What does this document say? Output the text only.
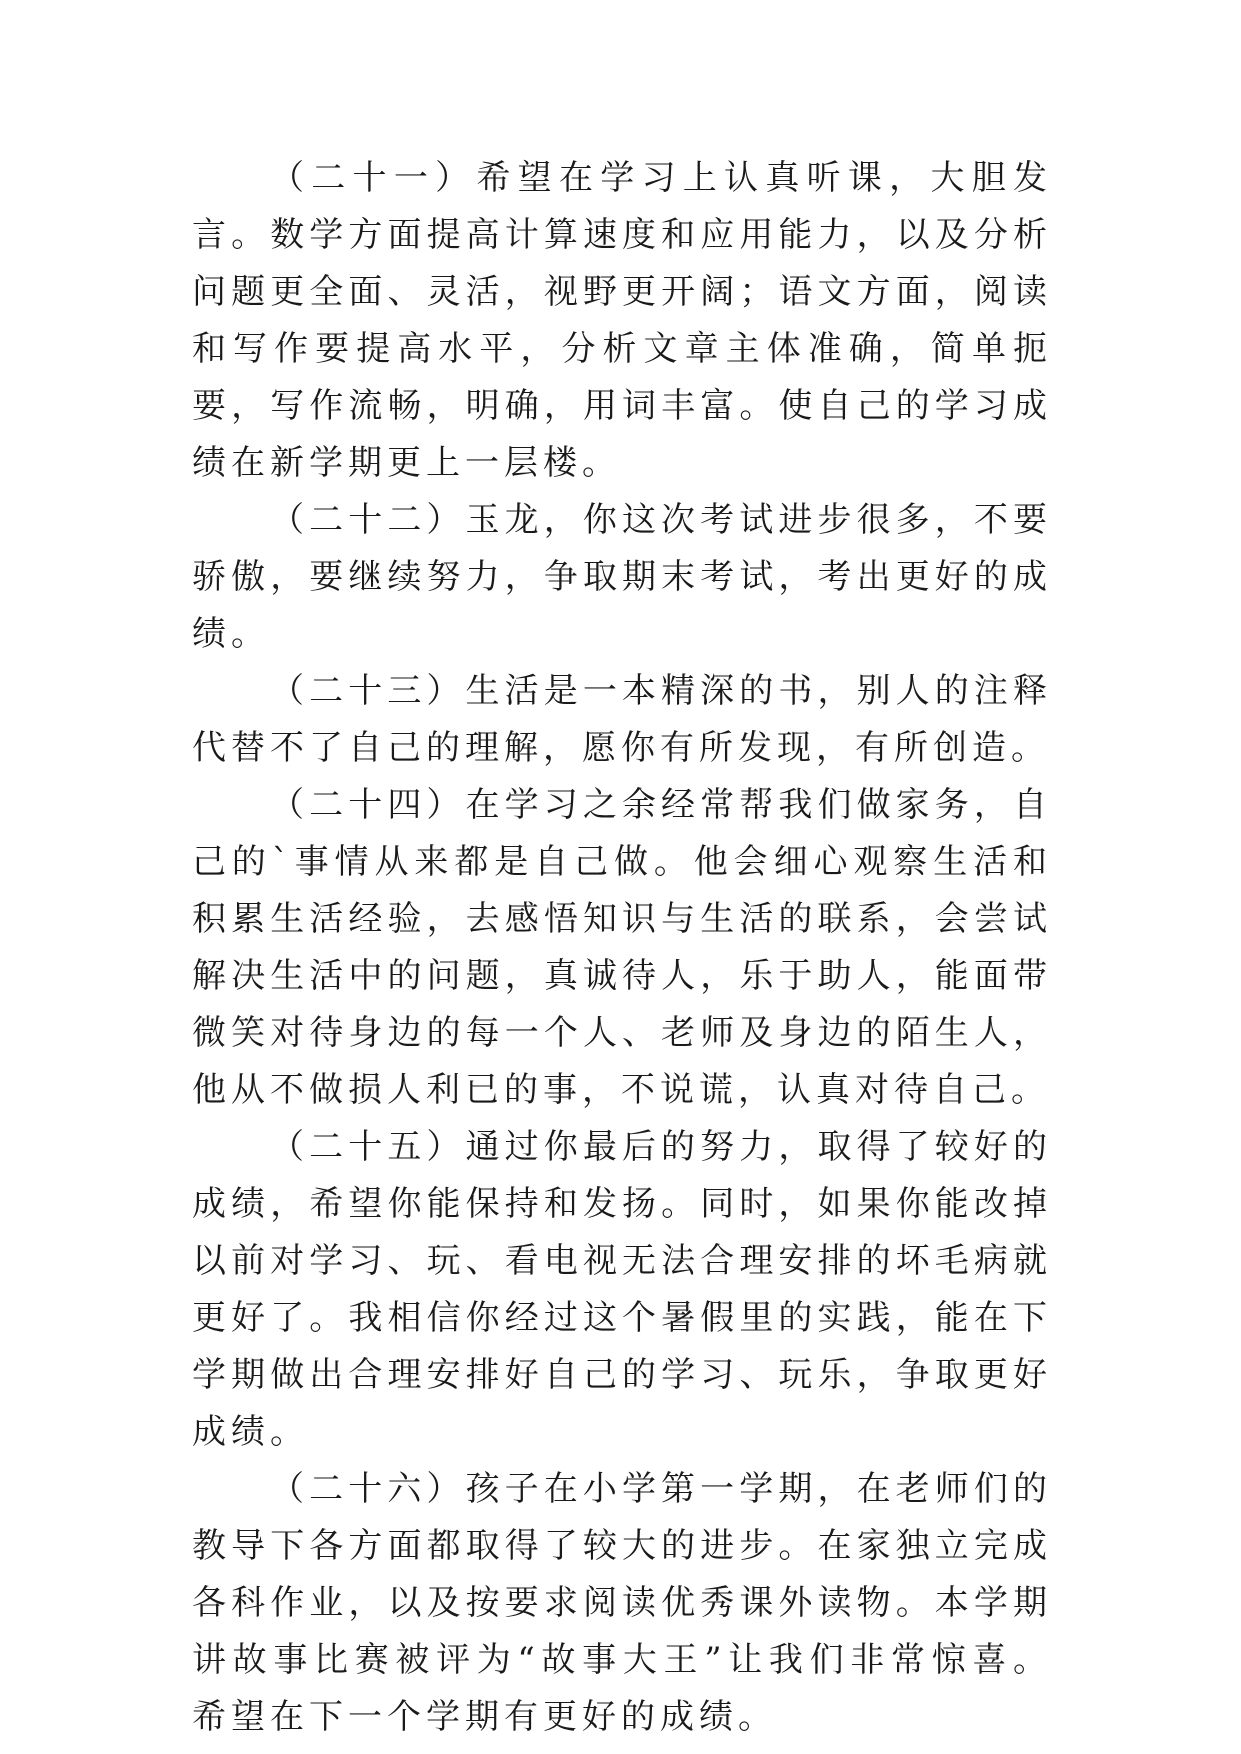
（二十一）希望在学习上认真听课，大胆发言。数学方面提高计算速度和应用能力，以及分析问题更全面、灵活，视野更开阔；语文方面，阅读和写作要提高水平，分析文章主体准确，简单扼要，写作流畅，明确，用词丰富。使自己的学习成绩在新学期更上一层楼。

（二十二）玉龙，你这次考试进步很多，不要骄傲，要继续努力，争取期末考试，考出更好的成绩。

（二十三）生活是一本精深的书，别人的注释代替不了自己的理解，愿你有所发现，有所创造。

（二十四）在学习之余经常帮我们做家务，自己的`事情从来都是自己做。他会细心观察生活和积累生活经验，去感悟知识与生活的联系，会尝试解决生活中的问题，真诚待人，乐于助人，能面带微笑对待身边的每一个人、老师及身边的陌生人，他从不做损人利已的事，不说谎，认真对待自己。

（二十五）通过你最后的努力，取得了较好的成绩，希望你能保持和发扬。同时，如果你能改掉以前对学习、玩、看电视无法合理安排的坏毛病就更好了。我相信你经过这个暑假里的实践，能在下学期做出合理安排好自己的学习、玩乐，争取更好成绩。

（二十六）孩子在小学第一学期，在老师们的教导下各方面都取得了较大的进步。在家独立完成各科作业，以及按要求阅读优秀课外读物。本学期讲故事比赛被评为“故事大王”让我们非常惊喜。希望在下一个学期有更好的成绩。
